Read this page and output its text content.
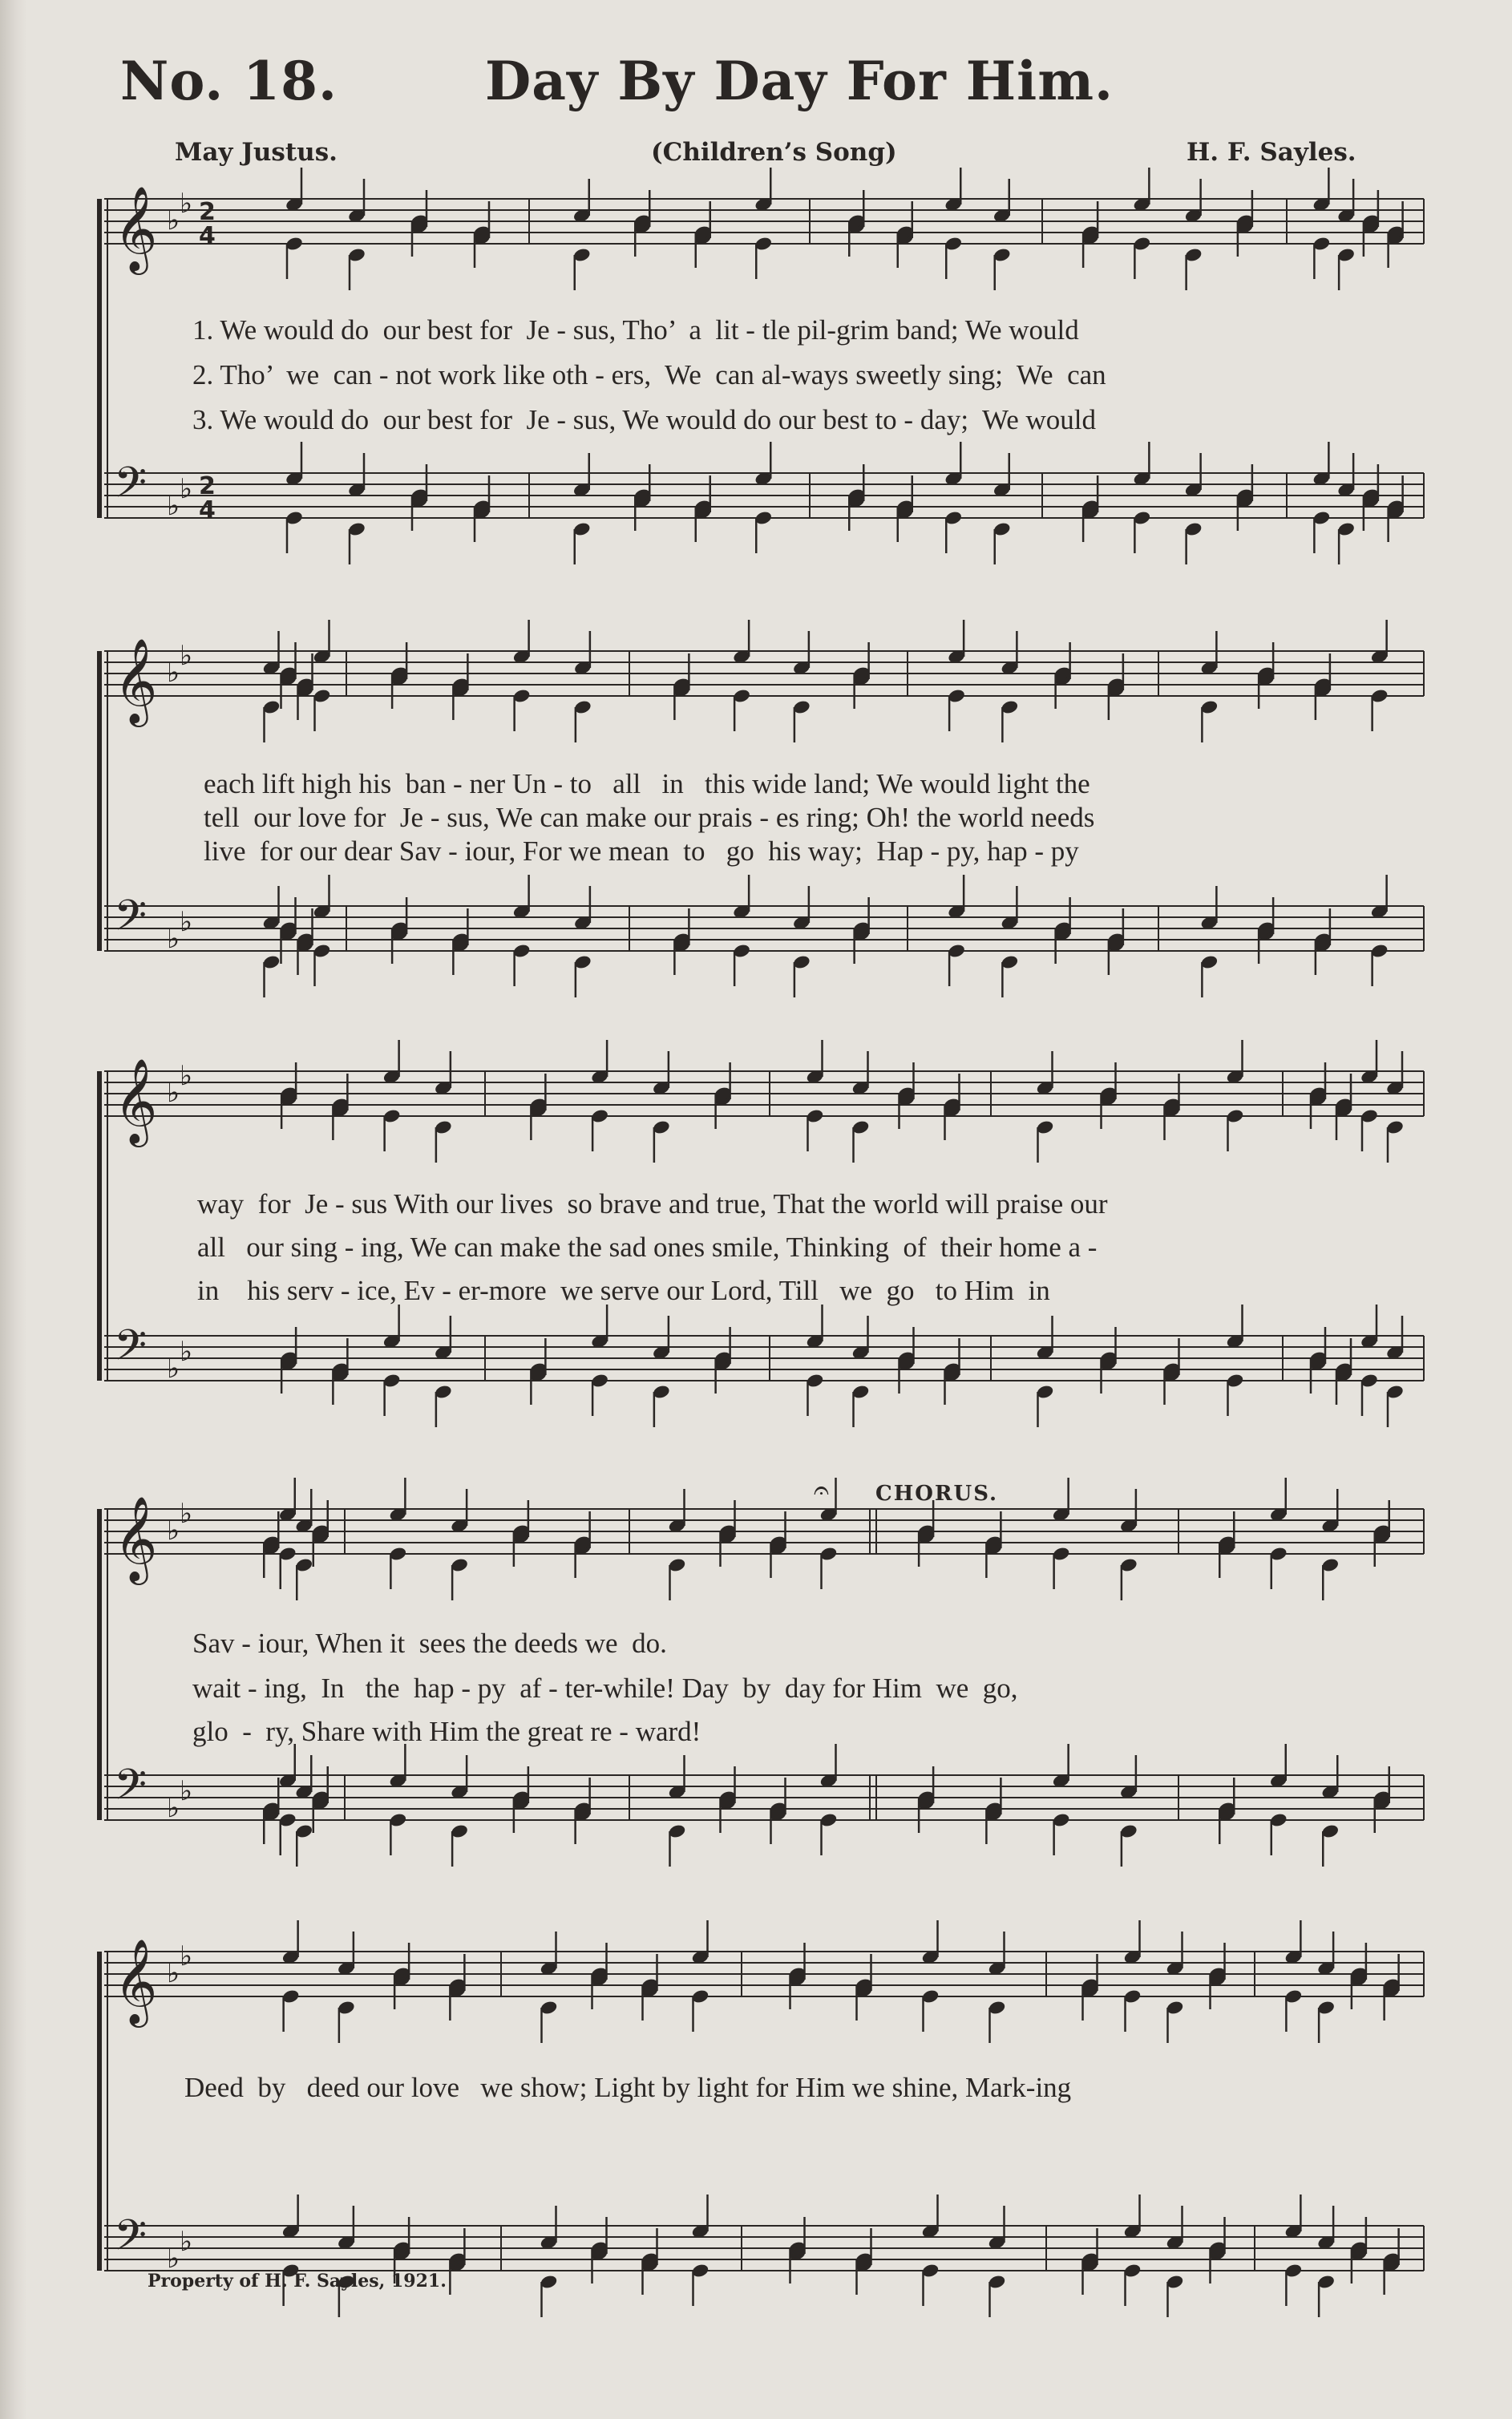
No. 18.	Day By Day For Him.
May Justus.	(Children’s Song)	H. F. Sayles.
𝄞 ♭
♭ 2
4
𝄢 ♭
♭ 2
4
𝄞 ♭
♭
𝄢 ♭
♭
𝄞 ♭
♭
𝄢 ♭
♭
𝄞 ♭
♭
𝄢 ♭
♭
𝄐
𝄞 ♭
♭
𝄢 ♭
♭
CHORUS.

1. We would do  our best for  Je - sus, Tho’  a  lit - tle pil-grim band; We would

2. Tho’  we  can - not work like oth - ers,  We  can al-ways sweetly sing;  We  can

3. We would do  our best for  Je - sus, We would do our best to - day;  We would

each lift high his  ban - ner Un - to   all   in   this wide land; We would light the

tell  our love for  Je - sus, We can make our prais - es ring; Oh! the world needs

live  for our dear Sav - iour, For we mean  to   go  his way;  Hap - py, hap - py

way  for  Je - sus With our lives  so brave and true, That the world will praise our

all   our sing - ing, We can make the sad ones smile, Thinking  of  their home a -

in    his serv - ice, Ev - er-more  we serve our Lord, Till   we  go   to Him  in

Sav - iour, When it  sees the deeds we  do.

wait - ing,  In   the  hap - py  af - ter-while! Day  by  day for Him  we  go,

glo  -  ry, Share with Him the great re - ward!

Deed  by   deed our love   we show; Light by light for Him we shine, Mark-ing

Property of H. F. Sayles, 1921.
